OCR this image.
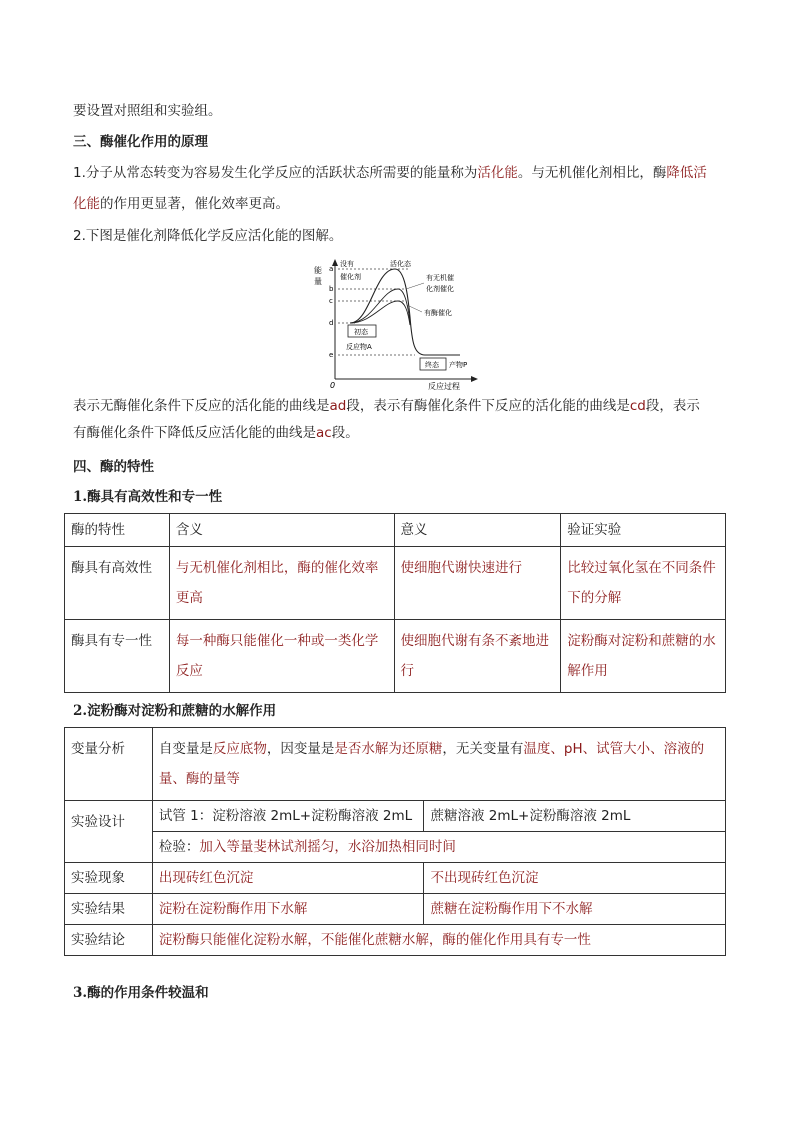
要设置对照组和实验组。
三、酶催化作用的原理
1.分子从常态转变为容易发生化学反应的活跃状态所需要的能量称为活化能。与无机催化剂相比，酶降低活
化能的作用更显著，催化效率更高。
2.下图是催化剂降低化学反应活化能的图解。
能
量
0	反应过程
a
b
c
d
e
没有
催化剂
活化态
有无机催
化剂催化
有酶催化
初态
反应物A
终态 产物P
表示无酶催化条件下反应的活化能的曲线是ad段，表示有酶催化条件下反应的活化能的曲线是cd段，表示
有酶催化条件下降低反应活化能的曲线是ac段。
四、酶的特性
1.酶具有高效性和专一性
酶的特性	含义	意义	验证实验
酶具有高效性	与无机催化剂相比，酶的催化效率更高	使细胞代谢快速进行	比较过氧化氢在不同条件下的分解
酶具有专一性	每一种酶只能催化一种或一类化学反应	使细胞代谢有条不紊地进行	淀粉酶对淀粉和蔗糖的水解作用
2.淀粉酶对淀粉和蔗糖的水解作用
变量分析	自变量是反应底物，因变量是是否水解为还原糖，无关变量有温度、pH、试管大小、溶液的量、酶的量等	
实验设计	试管 1：淀粉溶液 2mL+淀粉酶溶液 2mL	蔗糖溶液 2mL+淀粉酶溶液 2mL
	检验：加入等量斐林试剂摇匀，水浴加热相同时间	
实验现象	出现砖红色沉淀	不出现砖红色沉淀
实验结果	淀粉在淀粉酶作用下水解	蔗糖在淀粉酶作用下不水解
实验结论	淀粉酶只能催化淀粉水解，不能催化蔗糖水解，酶的催化作用具有专一性	
3.酶的作用条件较温和
